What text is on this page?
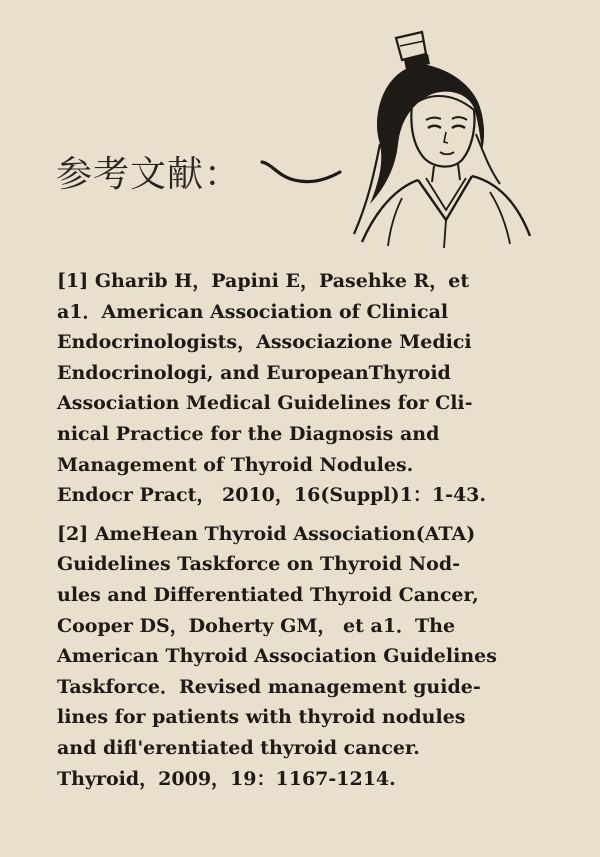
参考文献：
[1] Gharib H，Papini E，Pasehke R，et
a1．American Association of Clinical
Endocrinologists，Associazione Medici
Endocrinologi, and EuropeanThyroid
Association Medical Guidelines for Cli-
nical Practice for the Diagnosis and
Management of Thyroid Nodules.
Endocr Pract， 2010，16(Suppl)1：1-43.
[2] AmeHean Thyroid Association(ATA)
Guidelines Taskforce on Thyroid Nod-
ules and Differentiated Thyroid Cancer,
Cooper DS，Doherty GM， et a1．The
American Thyroid Association Guidelines
Taskforce．Revised management guide-
lines for patients with thyroid nodules
and difl'erentiated thyroid cancer.
Thyroid，2009，19：1167-1214.
